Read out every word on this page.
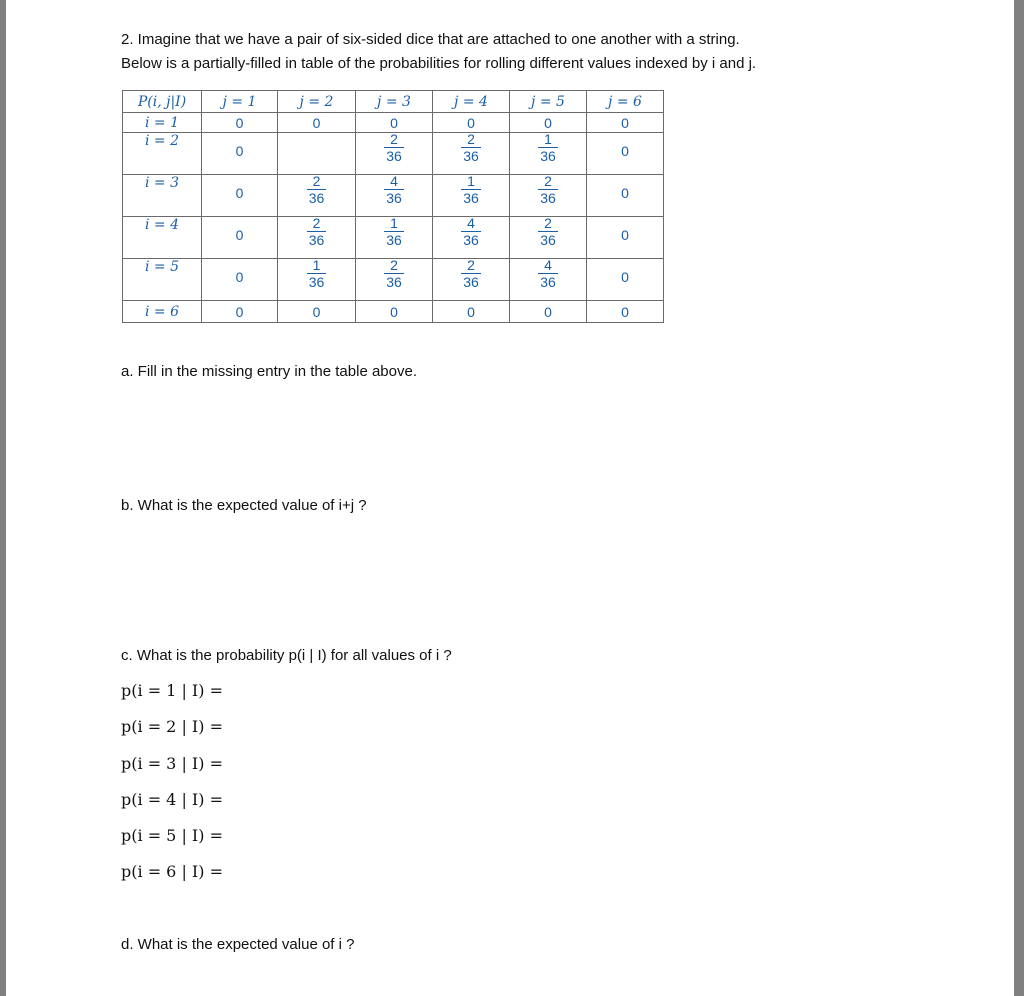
2. Imagine that we have a pair of six-sided dice that are attached to one another with a string.
Below is a partially-filled in table of the probabilities for rolling different values indexed by i and j.
P(i, j|I)	j = 1	j = 2	j = 3	j = 4	j = 5	j = 6
i = 1	0	0	0	0	0	0
i = 2	0		$\frac{2}{36}$	$\frac{2}{36}$	$\frac{1}{36}$	0
i = 3	0	$\frac{2}{36}$	$\frac{4}{36}$	$\frac{1}{36}$	$\frac{2}{36}$	0
i = 4	0	$\frac{2}{36}$	$\frac{1}{36}$	$\frac{4}{36}$	$\frac{2}{36}$	0
i = 5	0	$\frac{1}{36}$	$\frac{2}{36}$	$\frac{2}{36}$	$\frac{4}{36}$	0
i = 6	0	0	0	0	0	0
a. Fill in the missing entry in the table above.
b. What is the expected value of i+j ?
c. What is the probability p(i | I) for all values of i ?
p(i = 1 | I) =
p(i = 2 | I) =
p(i = 3 | I) =
p(i = 4 | I) =
p(i = 5 | I) =
p(i = 6 | I) =
d. What is the expected value of i ?
